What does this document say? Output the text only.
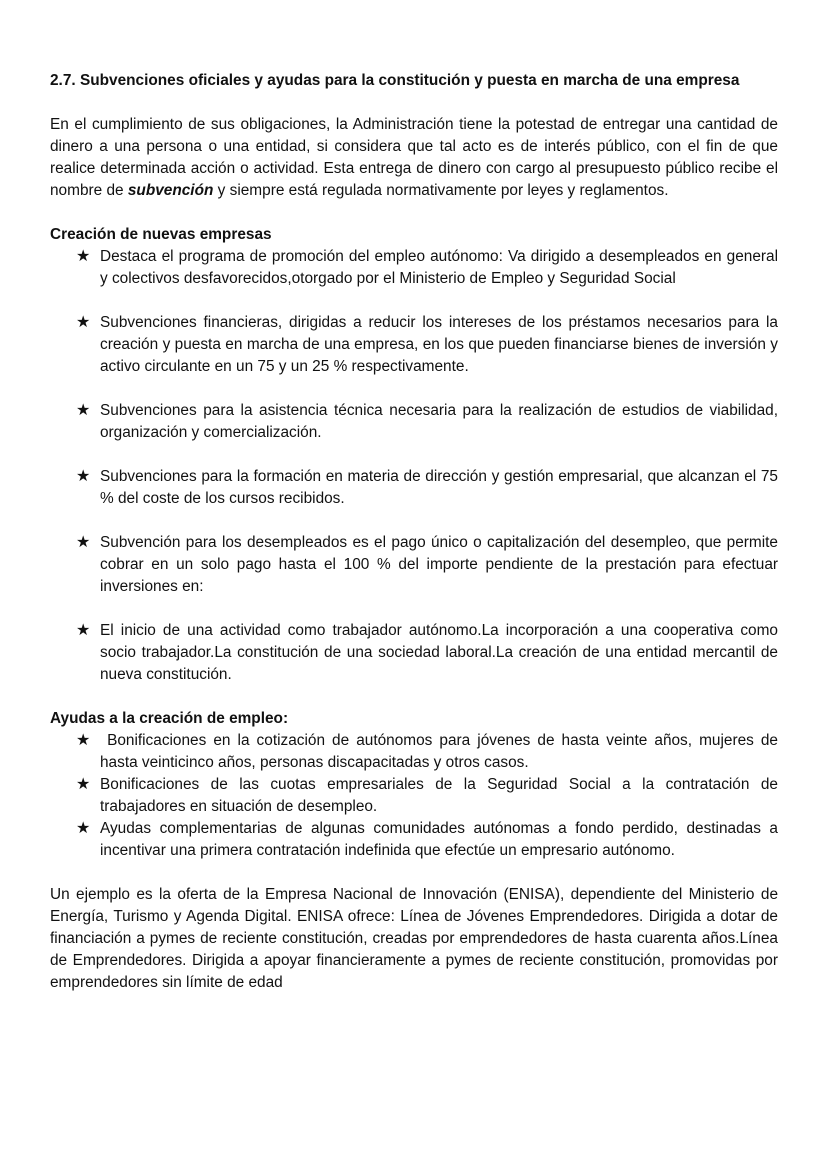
2.7. Subvenciones oficiales y ayudas para la constitución y puesta en marcha de una empresa

En el cumplimiento de sus obligaciones, la Administración tiene la potestad de entregar una cantidad de dinero a una persona o una entidad, si considera que tal acto es de interés público, con el fin de que realice determinada acción o actividad. Esta entrega de dinero con cargo al presupuesto público recibe el nombre de subvención y siempre está regulada normativamente por leyes y reglamentos.

Creación de nuevas empresas
★ Destaca el programa de promoción del empleo autónomo: Va dirigido a desempleados en general y colectivos desfavorecidos,otorgado por el Ministerio de Empleo y Seguridad Social
★ Subvenciones financieras, dirigidas a reducir los intereses de los préstamos necesarios para la creación y puesta en marcha de una empresa, en los que pueden financiarse bienes de inversión y activo circulante en un 75 y un 25 % respectivamente.
★ Subvenciones para la asistencia técnica necesaria para la realización de estudios de viabilidad, organización y comercialización.
★ Subvenciones para la formación en materia de dirección y gestión empresarial, que alcanzan el 75 % del coste de los cursos recibidos.
★ Subvención para los desempleados es el pago único o capitalización del desempleo, que permite cobrar en un solo pago hasta el 100 % del importe pendiente de la prestación para efectuar inversiones en:
★ El inicio de una actividad como trabajador autónomo.La incorporación a una cooperativa como socio trabajador.La constitución de una sociedad laboral.La creación de una entidad mercantil de nueva constitución.
Ayudas a la creación de empleo:
★ Bonificaciones en la cotización de autónomos para jóvenes de hasta veinte años, mujeres de hasta veinticinco años, personas discapacitadas y otros casos.
★ Bonificaciones de las cuotas empresariales de la Seguridad Social a la contratación de trabajadores en situación de desempleo.
★ Ayudas complementarias de algunas comunidades autónomas a fondo perdido, destinadas a incentivar una primera contratación indefinida que efectúe un empresario autónomo.

Un ejemplo es la oferta de la Empresa Nacional de Innovación (ENISA), dependiente del Ministerio de Energía, Turismo y Agenda Digital. ENISA ofrece: Línea de Jóvenes Emprendedores. Dirigida a dotar de financiación a pymes de reciente constitución, creadas por emprendedores de hasta cuarenta años.Línea de Emprendedores. Dirigida a apoyar financieramente a pymes de reciente constitución, promovidas por emprendedores sin límite de edad
